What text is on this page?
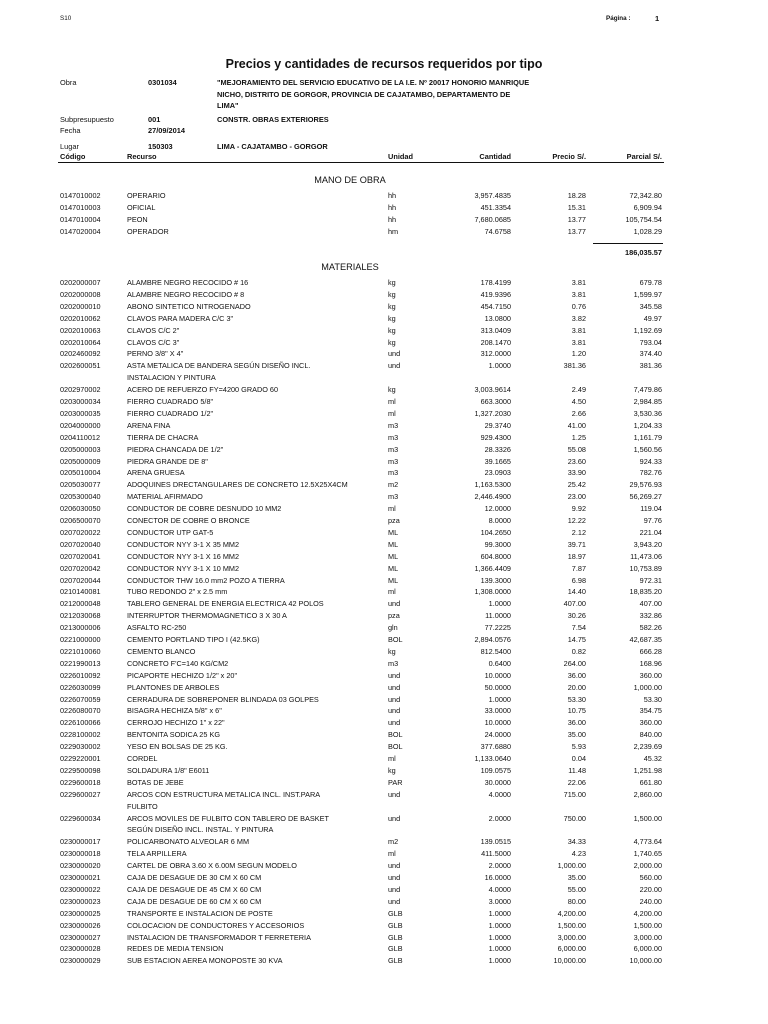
S10	Página :	1
Precios y cantidades de recursos requeridos por tipo
Obra	0301034	"MEJORAMIENTO DEL SERVICIO EDUCATIVO DE LA I.E. Nº 20017 HONORIO MANRIQUE
NICHO, DISTRITO DE GORGOR, PROVINCIA DE CAJATAMBO, DEPARTAMENTO DE
LIMA"
Subpresupuesto	001	CONSTR. OBRAS EXTERIORES
Fecha	27/09/2014
Lugar	150303	LIMA - CAJATAMBO - GORGOR
Código	Recurso	Unidad	Cantidad	Precio S/.	Parcial S/.
MANO DE OBRA
0147010002	OPERARIO	hh	3,957.4835	18.28	72,342.80
0147010003	OFICIAL	hh	451.3354	15.31	6,909.94
0147010004	PEON	hh	7,680.0685	13.77	105,754.54
0147020004	OPERADOR	hm	74.6758	13.77	1,028.29
186,035.57
MATERIALES
0202000007	ALAMBRE NEGRO RECOCIDO # 16	kg	178.4199	3.81	679.78
0202000008	ALAMBRE NEGRO RECOCIDO # 8	kg	419.9396	3.81	1,599.97
0202000010	ABONO SINTETICO NITROGENADO	kg	454.7150	0.76	345.58
0202010062	CLAVOS PARA MADERA C/C 3"	kg	13.0800	3.82	49.97
0202010063	CLAVOS C/C 2"	kg	313.0409	3.81	1,192.69
0202010064	CLAVOS C/C 3"	kg	208.1470	3.81	793.04
0202460092	PERNO 3/8" X 4"	und	312.0000	1.20	374.40
0202600051	ASTA METALICA DE BANDERA SEGÚN DISEÑO INCL.	und	1.0000	381.36	381.36
INSTALACION Y PINTURA
0202970002	ACERO DE REFUERZO FY=4200 GRADO 60	kg	3,003.9614	2.49	7,479.86
0203000034	FIERRO CUADRADO 5/8"	ml	663.3000	4.50	2,984.85
0203000035	FIERRO CUADRADO 1/2"	ml	1,327.2030	2.66	3,530.36
0204000000	ARENA FINA	m3	29.3740	41.00	1,204.33
0204110012	TIERRA DE CHACRA	m3	929.4300	1.25	1,161.79
0205000003	PIEDRA CHANCADA DE 1/2"	m3	28.3326	55.08	1,560.56
0205000009	PIEDRA GRANDE DE 8"	m3	39.1665	23.60	924.33
0205010004	ARENA GRUESA	m3	23.0903	33.90	782.76
0205030077	ADOQUINES DRECTANGULARES DE CONCRETO 12.5X25X4CM	m2	1,163.5300	25.42	29,576.93
0205300040	MATERIAL AFIRMADO	m3	2,446.4900	23.00	56,269.27
0206030050	CONDUCTOR DE COBRE DESNUDO 10 MM2	ml	12.0000	9.92	119.04
0206500070	CONECTOR DE COBRE O BRONCE	pza	8.0000	12.22	97.76
0207020022	CONDUCTOR UTP GAT-5	ML	104.2650	2.12	221.04
0207020040	CONDUCTOR NYY 3-1 X 35 MM2	ML	99.3000	39.71	3,943.20
0207020041	CONDUCTOR NYY 3-1 X 16 MM2	ML	604.8000	18.97	11,473.06
0207020042	CONDUCTOR NYY 3-1 X 10 MM2	ML	1,366.4409	7.87	10,753.89
0207020044	CONDUCTOR THW 16.0 mm2 POZO A TIERRA	ML	139.3000	6.98	972.31
0210140081	TUBO REDONDO 2" x 2.5 mm	ml	1,308.0000	14.40	18,835.20
0212000048	TABLERO GENERAL DE ENERGIA ELECTRICA 42 POLOS	und	1.0000	407.00	407.00
0212030068	INTERRUPTOR THERMOMAGNETICO 3 X 30 A	pza	11.0000	30.26	332.86
0213000006	ASFALTO RC-250	gln	77.2225	7.54	582.26
0221000000	CEMENTO PORTLAND TIPO I (42.5KG)	BOL	2,894.0576	14.75	42,687.35
0221010060	CEMENTO BLANCO	kg	812.5400	0.82	666.28
0221990013	CONCRETO F'C=140 KG/CM2	m3	0.6400	264.00	168.96
0226010092	PICAPORTE HECHIZO 1/2" x 20"	und	10.0000	36.00	360.00
0226030099	PLANTONES DE ARBOLES	und	50.0000	20.00	1,000.00
0226070059	CERRADURA DE SOBREPONER BLINDADA 03 GOLPES	und	1.0000	53.30	53.30
0226080070	BISAGRA HECHIZA 5/8" x 6"	und	33.0000	10.75	354.75
0226100066	CERROJO HECHIZO 1" x 22"	und	10.0000	36.00	360.00
0228100002	BENTONITA SODICA 25 KG	BOL	24.0000	35.00	840.00
0229030002	YESO EN BOLSAS DE 25 KG.	BOL	377.6880	5.93	2,239.69
0229220001	CORDEL	ml	1,133.0640	0.04	45.32
0229500098	SOLDADURA 1/8" E6011	kg	109.0575	11.48	1,251.98
0229600018	BOTAS DE JEBE	PAR	30.0000	22.06	661.80
0229600027	ARCOS CON ESTRUCTURA METALICA INCL. INST.PARA	und	4.0000	715.00	2,860.00
FULBITO
0229600034	ARCOS MOVILES DE FULBITO CON TABLERO DE BASKET	und	2.0000	750.00	1,500.00
SEGÚN DISEÑO INCL. INSTAL. Y PINTURA
0230000017	POLICARBONATO ALVEOLAR 6 MM	m2	139.0515	34.33	4,773.64
0230000018	TELA ARPILLERA	ml	411.5000	4.23	1,740.65
0230000020	CARTEL DE OBRA 3.60 X 6.00M SEGUN MODELO	und	2.0000	1,000.00	2,000.00
0230000021	CAJA DE DESAGUE DE 30 CM X 60 CM	und	16.0000	35.00	560.00
0230000022	CAJA DE DESAGUE DE 45 CM X 60 CM	und	4.0000	55.00	220.00
0230000023	CAJA DE DESAGUE DE 60 CM X 60 CM	und	3.0000	80.00	240.00
0230000025	TRANSPORTE E INSTALACION DE POSTE	GLB	1.0000	4,200.00	4,200.00
0230000026	COLOCACION DE CONDUCTORES Y ACCESORIOS	GLB	1.0000	1,500.00	1,500.00
0230000027	INSTALACION DE TRANSFORMADOR T FERRETERIA	GLB	1.0000	3,000.00	3,000.00
0230000028	REDES DE MEDIA TENSION	GLB	1.0000	6,000.00	6,000.00
0230000029	SUB ESTACION AEREA MONOPOSTE 30 KVA	GLB	1.0000	10,000.00	10,000.00
